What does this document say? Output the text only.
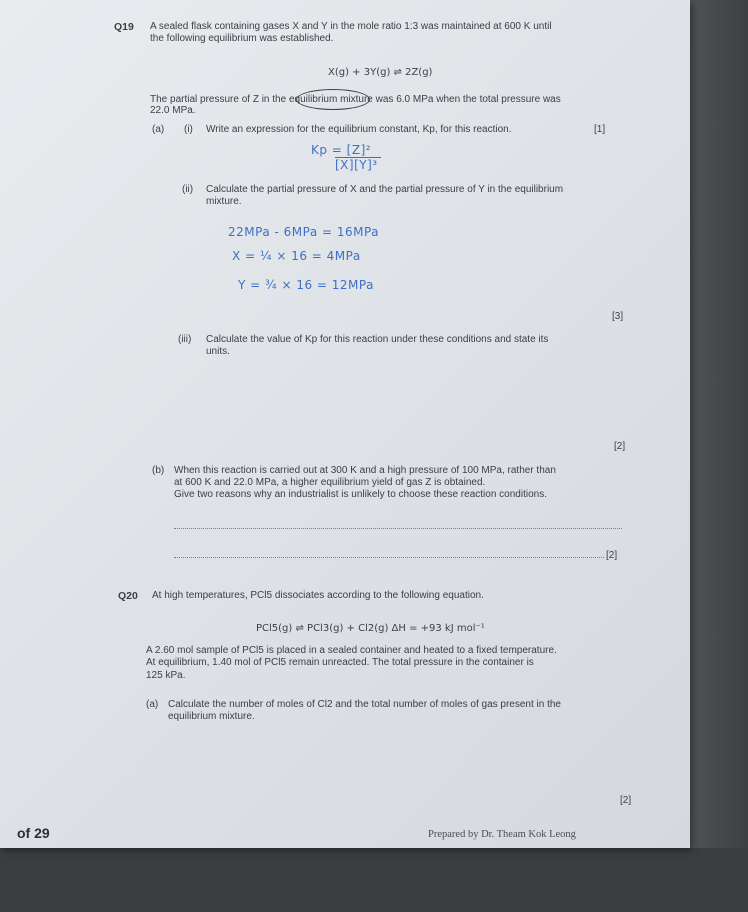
Q19 A sealed flask containing gases X and Y in the mole ratio 1:3 was maintained at 600 K until
the following equilibrium was established.
X(g) + 3Y(g) ⇌ 2Z(g)
The partial pressure of Z in the equilibrium mixture was 6.0 MPa when the total pressure was
22.0 MPa.
(a) (i) Write an expression for the equilibrium constant, Kp, for this reaction.	[1]
Kp = [Z]²
[X][Y]³
(ii) Calculate the partial pressure of X and the partial pressure of Y in the equilibrium
mixture.
22MPa - 6MPa = 16MPa
X = ¼ × 16 = 4MPa
Y = ¾ × 16 = 12MPa
[3]
(iii) Calculate the value of Kp for this reaction under these conditions and state its
units.
[2]
(b) When this reaction is carried out at 300 K and a high pressure of 100 MPa, rather than
at 600 K and 22.0 MPa, a higher equilibrium yield of gas Z is obtained.
Give two reasons why an industrialist is unlikely to choose these reaction conditions.
[2]
Q20 At high temperatures, PCl5 dissociates according to the following equation.
PCl5(g) ⇌ PCl3(g) + Cl2(g) ΔH = +93 kJ mol⁻¹
A 2.60 mol sample of PCl5 is placed in a sealed container and heated to a fixed temperature.
At equilibrium, 1.40 mol of PCl5 remain unreacted. The total pressure in the container is
125 kPa.
(a) Calculate the number of moles of Cl2 and the total number of moles of gas present in the
equilibrium mixture.
[2]
of 29	Prepared by Dr. Theam Kok Leong
